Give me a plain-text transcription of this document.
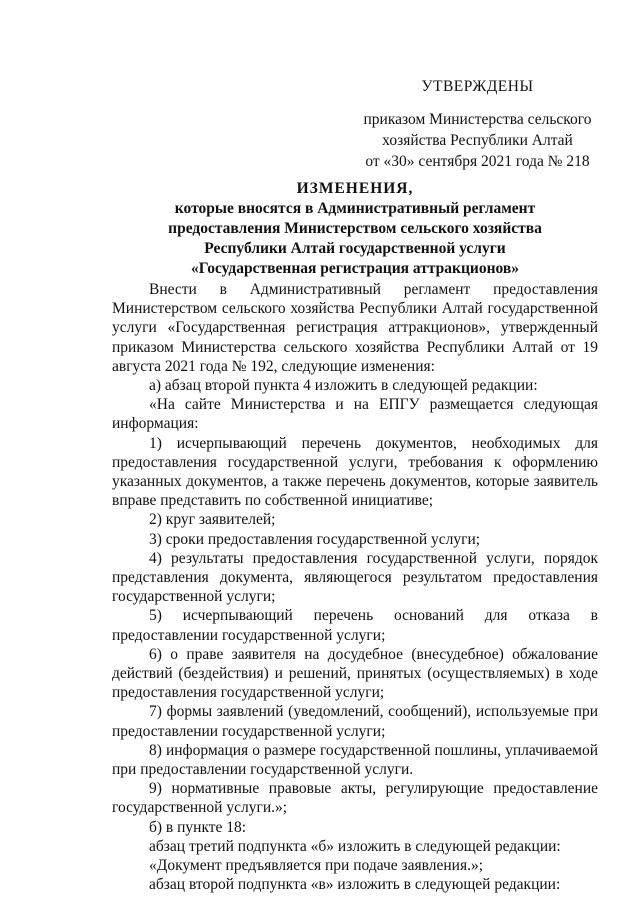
УТВЕРЖДЕНЫ
приказом Министерства сельского
хозяйства Республики Алтай
от «30» сентября 2021 года № 218
ИЗМЕНЕНИЯ,
которые вносятся в Административный регламент
предоставления Министерством сельского хозяйства
Республики Алтай государственной услуги
«Государственная регистрация аттракционов»

Внести в Административный регламент предоставления Министерством сельского хозяйства Республики Алтай государственной услуги «Государственная регистрация аттракционов», утвержденный приказом Министерства сельского хозяйства Республики Алтай от 19 августа 2021 года № 192, следующие изменения:

а) абзац второй пункта 4 изложить в следующей редакции:

«На сайте Министерства и на ЕПГУ размещается следующая информация:

1) исчерпывающий перечень документов, необходимых для предоставления государственной услуги, требования к оформлению указанных документов, а также перечень документов, которые заявитель вправе представить по собственной инициативе;

2) круг заявителей;

3) сроки предоставления государственной услуги;

4) результаты предоставления государственной услуги, порядок представления документа, являющегося результатом предоставления государственной услуги;

5) исчерпывающий перечень оснований для отказа в предоставлении государственной услуги;

6) о праве заявителя на досудебное (внесудебное) обжалование действий (бездействия) и решений, принятых (осуществляемых) в ходе предоставления государственной услуги;

7) формы заявлений (уведомлений, сообщений), используемые при предоставлении государственной услуги;

8) информация о размере государственной пошлины, уплачиваемой при предоставлении государственной услуги.

9) нормативные правовые акты, регулирующие предоставление государственной услуги.»;

б) в пункте 18:

абзац третий подпункта «б» изложить в следующей редакции:

«Документ предъявляется при подаче заявления.»;

абзац второй подпункта «в» изложить в следующей редакции:
